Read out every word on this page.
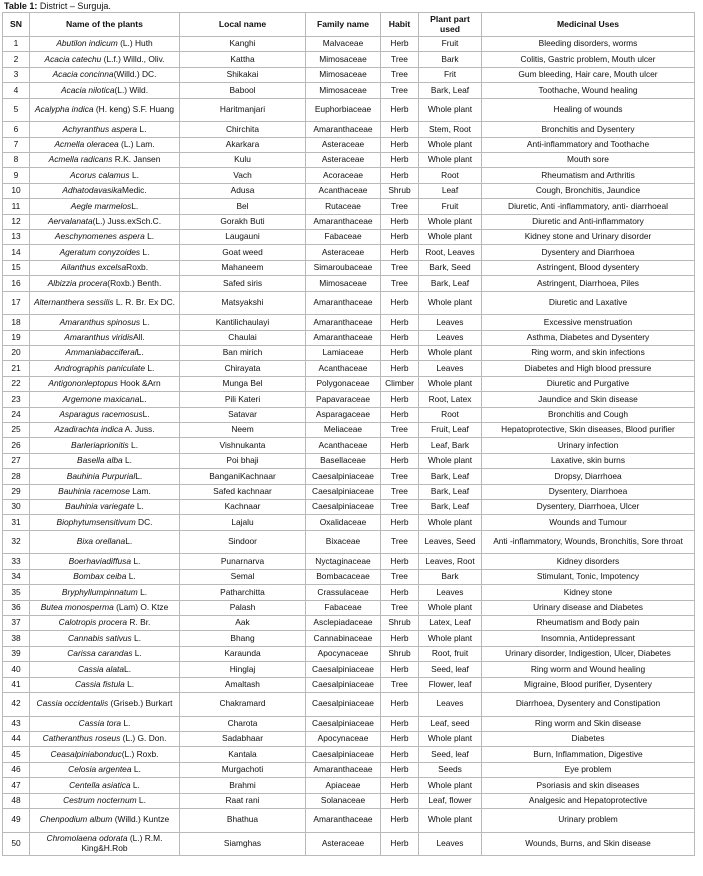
Table 1: District – Surguja.
SN	Name of the plants	Local name	Family name	Habit	Plant part used	Medicinal Uses
1	Abutilon indicum (L.) Huth	Kanghi	Malvaceae	Herb	Fruit	Bleeding disorders, worms
2	Acacia catechu (L.f.) Willd., Oliv.	Kattha	Mimosaceae	Tree	Bark	Colitis, Gastric problem, Mouth ulcer
3	Acacia concinna(Willd.) DC.	Shikakai	Mimosaceae	Tree	Frit	Gum bleeding, Hair care, Mouth ulcer
4	Acacia nilotica(L.) Wild.	Babool	Mimosaceae	Tree	Bark, Leaf	Toothache, Wound healing
5	Acalypha indica (H. keng) S.F. Huang	Haritmanjari	Euphorbiaceae	Herb	Whole plant	Healing of wounds
6	Achyranthus aspera L.	Chirchita	Amaranthaceae	Herb	Stem, Root	Bronchitis and Dysentery
7	Acmella oleracea (L.) Lam.	Akarkara	Asteraceae	Herb	Whole plant	Anti-inflammatory and Toothache
8	Acmella radicans R.K. Jansen	Kulu	Asteraceae	Herb	Whole plant	Mouth sore
9	Acorus calamus L.	Vach	Acoraceae	Herb	Root	Rheumatism and Arthritis
10	AdhatodavasikaMedic.	Adusa	Acanthaceae	Shrub	Leaf	Cough, Bronchitis, Jaundice
11	Aegle marmelosL.	Bel	Rutaceae	Tree	Fruit	Diuretic, Anti -inflammatory, anti- diarrhoeal
12	Aervalanata(L.) Juss.exSch.C.	Gorakh Buti	Amaranthaceae	Herb	Whole plant	Diuretic and Anti-inflammatory
13	Aeschynomenes aspera L.	Laugauni	Fabaceae	Herb	Whole plant	Kidney stone and Urinary disorder
14	Ageratum conyzoides L.	Goat weed	Asteraceae	Herb	Root, Leaves	Dysentery and Diarrhoea
15	Ailanthus excelsaRoxb.	Mahaneem	Simaroubaceae	Tree	Bark, Seed	Astringent, Blood dysentery
16	Albizzia procera(Roxb.) Benth.	Safed siris	Mimosaceae	Tree	Bark, Leaf	Astringent, Diarrhoea, Piles
17	Alternanthera sessilis L. R. Br. Ex DC.	Matsyakshi	Amaranthaceae	Herb	Whole plant	Diuretic and Laxative
18	Amaranthus spinosus L.	Kantilichaulayi	Amaranthaceae	Herb	Leaves	Excessive menstruation
19	Amaranthus viridisAll.	Chaulai	Amaranthaceae	Herb	Leaves	Asthma, Diabetes and Dysentery
20	AmmaniabacciferalL.	Ban mirich	Lamiaceae	Herb	Whole plant	Ring worm, and skin infections
21	Andrographis paniculate L.	Chirayata	Acanthaceae	Herb	Leaves	Diabetes and High blood pressure
22	Antigononleptopus Hook &Arn	Munga Bel	Polygonaceae	Climber	Whole plant	Diuretic and Purgative
23	Argemone maxicanaL.	Pili Kateri	Papavaraceae	Herb	Root, Latex	Jaundice and Skin disease
24	Asparagus racemosusL.	Satavar	Asparagaceae	Herb	Root	Bronchitis and Cough
25	Azadirachta indica A. Juss.	Neem	Meliaceae	Tree	Fruit, Leaf	Hepatoprotective, Skin diseases, Blood purifier
26	Barleriaprionitis L.	Vishnukanta	Acanthaceae	Herb	Leaf, Bark	Urinary infection
27	Basella alba L.	Poi bhaji	Basellaceae	Herb	Whole plant	Laxative, skin burns
28	Bauhinia PurpurialL.	BanganiKachnaar	Caesalpiniaceae	Tree	Bark, Leaf	Dropsy, Diarrhoea
29	Bauhinia racemose Lam.	Safed kachnaar	Caesalpiniaceae	Tree	Bark, Leaf	Dysentery, Diarrhoea
30	Bauhinia variegate L.	Kachnaar	Caesalpiniaceae	Tree	Bark, Leaf	Dysentery, Diarrhoea, Ulcer
31	Biophytumsensitivum DC.	Lajalu	Oxalidaceae	Herb	Whole plant	Wounds and Tumour
32	Bixa orellanaL.	Sindoor	Bixaceae	Tree	Leaves, Seed	Anti -inflammatory, Wounds, Bronchitis, Sore throat
33	Boerhaviadiffusa L.	Punarnarva	Nyctaginaceae	Herb	Leaves, Root	Kidney disorders
34	Bombax ceiba L.	Semal	Bombacaceae	Tree	Bark	Stimulant, Tonic, Impotency
35	Bryphyllumpinnatum L.	Patharchitta	Crassulaceae	Herb	Leaves	Kidney stone
36	Butea monosperma (Lam) O. Ktze	Palash	Fabaceae	Tree	Whole plant	Urinary disease and Diabetes
37	Calotropis procera R. Br.	Aak	Asclepiadaceae	Shrub	Latex, Leaf	Rheumatism and Body pain
38	Cannabis sativus L.	Bhang	Cannabinaceae	Herb	Whole plant	Insomnia, Antidepressant
39	Carissa carandas L.	Karaunda	Apocynaceae	Shrub	Root, fruit	Urinary disorder, Indigestion, Ulcer, Diabetes
40	Cassia alataL.	Hinglaj	Caesalpiniaceae	Herb	Seed, leaf	Ring worm and Wound healing
41	Cassia fistula L.	Amaltash	Caesalpiniaceae	Tree	Flower, leaf	Migraine, Blood purifier, Dysentery
42	Cassia occidentalis (Griseb.) Burkart	Chakramard	Caesalpiniaceae	Herb	Leaves	Diarrhoea, Dysentery and Constipation
43	Cassia tora L.	Charota	Caesalpiniaceae	Herb	Leaf, seed	Ring worm and Skin disease
44	Catheranthus roseus (L.) G. Don.	Sadabhaar	Apocynaceae	Herb	Whole plant	Diabetes
45	Ceasalpiniabonduc(L.) Roxb.	Kantala	Caesalpiniaceae	Herb	Seed, leaf	Burn, Inflammation, Digestive
46	Celosia argentea L.	Murgachoti	Amaranthaceae	Herb	Seeds	Eye problem
47	Centella asiatica L.	Brahmi	Apiaceae	Herb	Whole plant	Psoriasis and skin diseases
48	Cestrum nocternum L.	Raat rani	Solanaceae	Herb	Leaf, flower	Analgesic and Hepatoprotective
49	Chenpodium album (Willd.) Kuntze	Bhathua	Amaranthaceae	Herb	Whole plant	Urinary problem
50	Chromolaena odorata (L.) R.M. King&H.Rob	Siamghas	Asteraceae	Herb	Leaves	Wounds, Burns, and Skin disease
